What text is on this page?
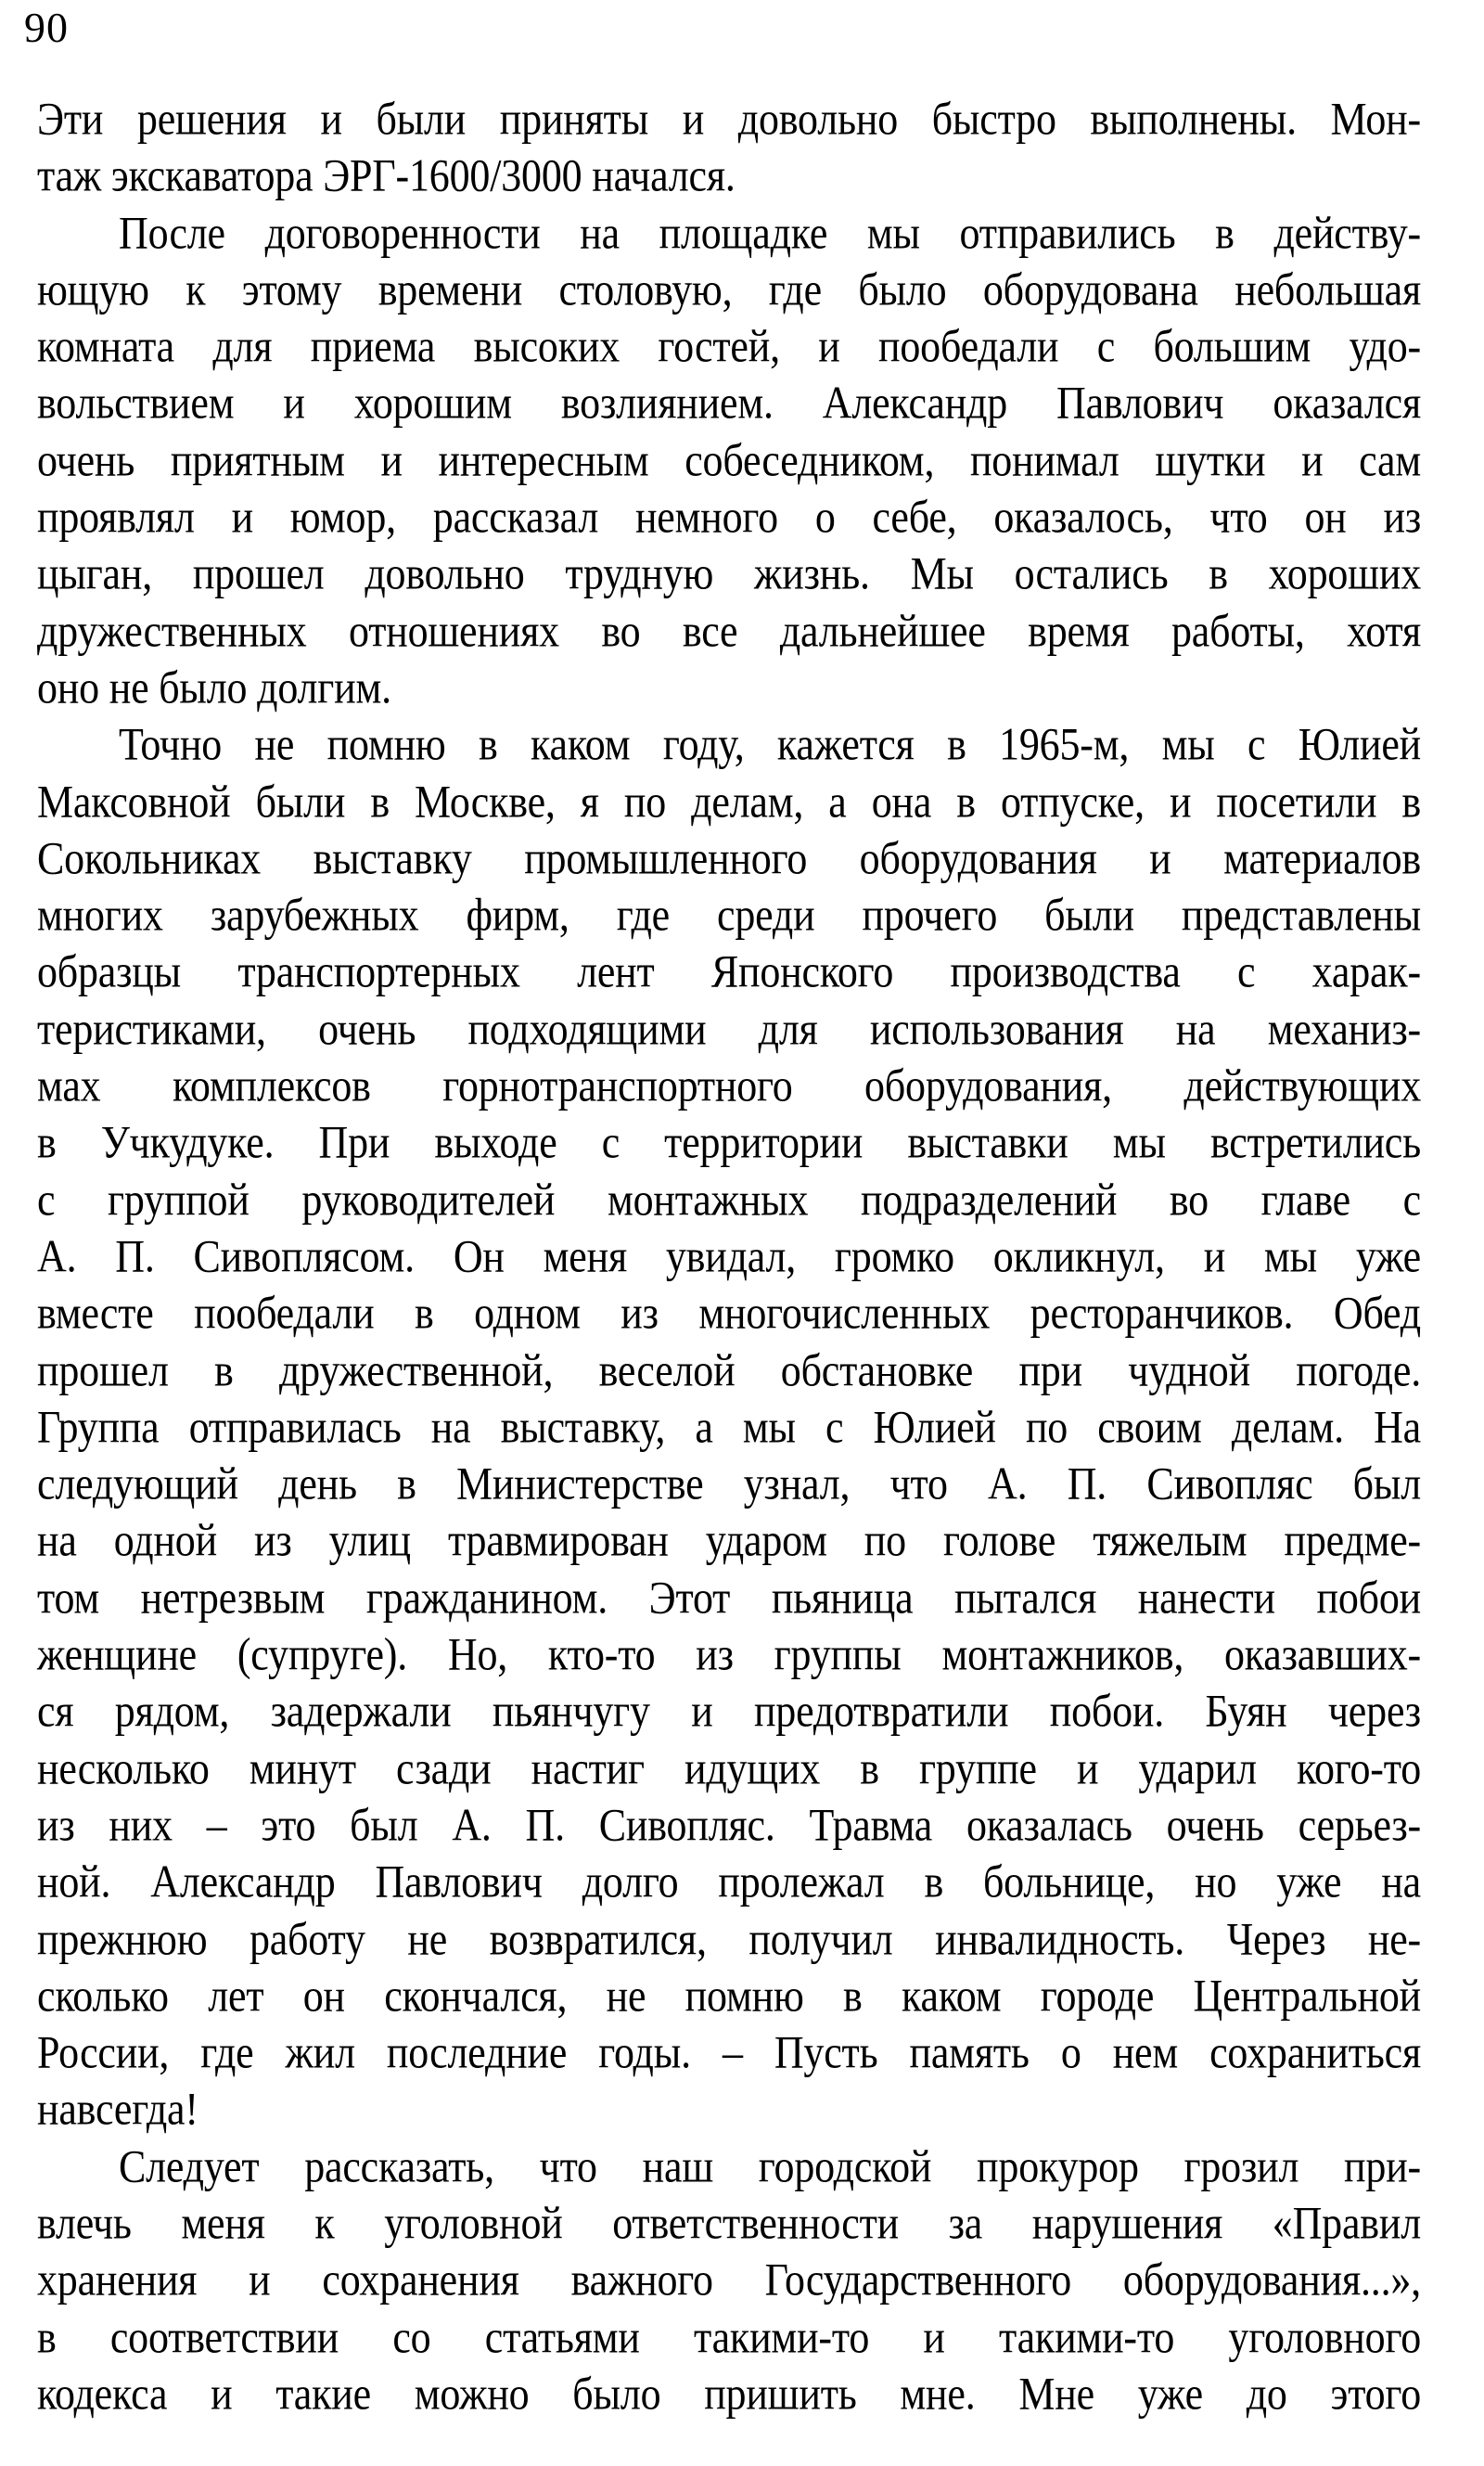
90
Эти решения и были приняты и довольно быстро выполнены. Мон-
таж экскаватора ЭРГ-1600/3000 начался.
После договоренности на площадке мы отправились в действу-
ющую к этому времени столовую, где было оборудована небольшая
комната для приема высоких гостей, и пообедали с большим удо-
вольствием и хорошим возлиянием. Александр Павлович оказался
очень приятным и интересным собеседником, понимал шутки и сам
проявлял и юмор, рассказал немного о себе, оказалось, что он из
цыган, прошел довольно трудную жизнь. Мы остались в хороших
дружественных отношениях во все дальнейшее время работы, хотя
оно не было долгим.
Точно не помню в каком году, кажется в 1965-м, мы с Юлией
Максовной были в Москве, я по делам, а она в отпуске, и посетили в
Сокольниках выставку промышленного оборудования и материалов
многих зарубежных фирм, где среди прочего были представлены
образцы транспортерных лент Японского производства с харак-
теристиками, очень подходящими для использования на механиз-
мах комплексов горнотранспортного оборудования, действующих
в Учкудуке. При выходе с территории выставки мы встретились
с группой руководителей монтажных подразделений во главе с
А. П. Сивоплясом. Он меня увидал, громко окликнул, и мы уже
вместе пообедали в одном из многочисленных ресторанчиков. Обед
прошел в дружественной, веселой обстановке при чудной погоде.
Группа отправилась на выставку, а мы с Юлией по своим делам. На
следующий день в Министерстве узнал, что А. П. Сивопляс был
на одной из улиц травмирован ударом по голове тяжелым предме-
том нетрезвым гражданином. Этот пьяница пытался нанести побои
женщине (супруге). Но, кто-то из группы монтажников, оказавших-
ся рядом, задержали пьянчугу и предотвратили побои. Буян через
несколько минут сзади настиг идущих в группе и ударил кого-то
из них – это был А. П. Сивопляс. Травма оказалась очень серьез-
ной. Александр Павлович долго пролежал в больнице, но уже на
прежнюю работу не возвратился, получил инвалидность. Через не-
сколько лет он скончался, не помню в каком городе Центральной
России, где жил последние годы. – Пусть память о нем сохраниться
навсегда!
Следует рассказать, что наш городской прокурор грозил при-
влечь меня к уголовной ответственности за нарушения «Правил
хранения и сохранения важного Государственного оборудования...»,
в соответствии со статьями такими-то и такими-то уголовного
кодекса и такие можно было пришить мне. Мне уже до этого
